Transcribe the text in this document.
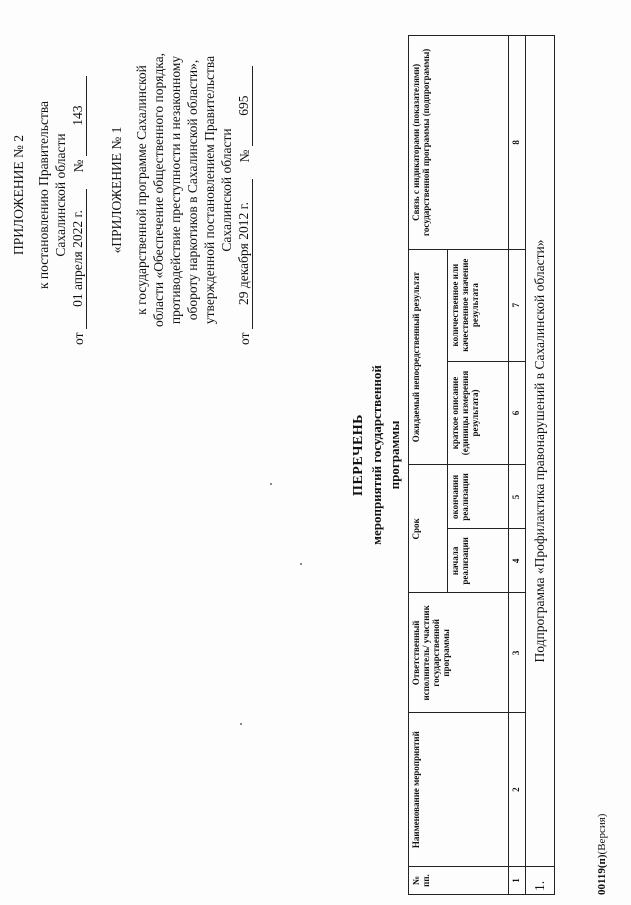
ПРИЛОЖЕНИЕ № 2 к постановлению Правительства Сахалинской области
от
01 апреля 2022 г.
№
143
«ПРИЛОЖЕНИЕ № 1 к государственной программе Сахалинской области «Обеспечение общественного порядка, противодействие преступности и незаконному обороту наркотиков в Сахалинской области», утвержденной постановлением Правительства Сахалинской области
от
29 декабря 2012 г.
№
695
ПЕРЕЧЕНЬ мероприятий государственной программы
№ пп.	Наименование мероприятий	Ответственный исполнитель/ участник государственной программы	Срок		Ожидаемый непосредственный результат		Связь с индикаторами (показателями) государственной программы (подпрограммы)
			начала реализации	окончания реализации	краткое описание (единицы измерения результата)	количественное или качественное значение результата	
1	2	3	4	5	6	7	8
1.	Подпрограмма «Профилактика правонарушений в Сахалинской области»						
00119(п)(Версия)
